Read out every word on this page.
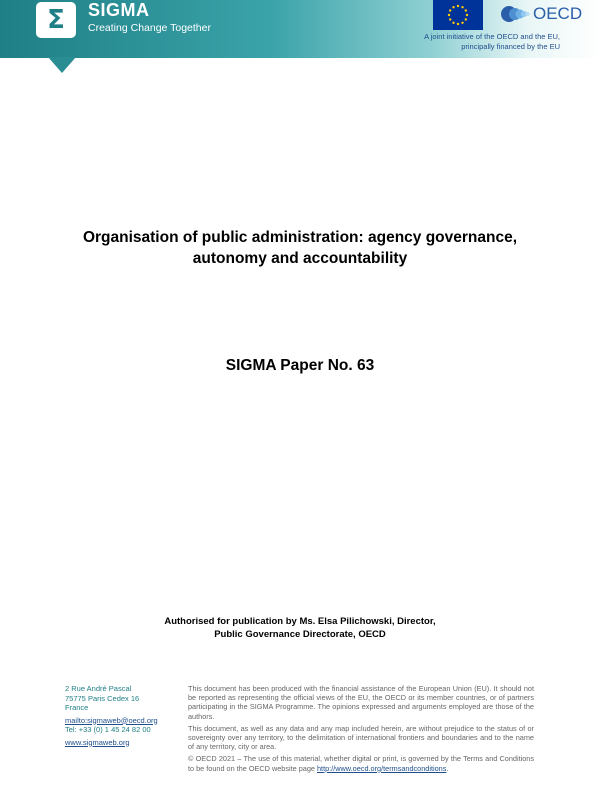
Σ SIGMA
Creating Change Together
OECD
A joint initiative of the OECD and the EU,
principally financed by the EU
Organisation of public administration: agency governance,
autonomy and accountability
SIGMA Paper No. 63
Authorised for publication by Ms. Elsa Pilichowski, Director,
Public Governance Directorate, OECD
2 Rue André Pascal
75775 Paris Cedex 16
France
mailto:sigmaweb@oecd.org
Tel: +33 (0) 1 45 24 82 00
www.sigmaweb.org

This document has been produced with the financial assistance of the European Union (EU). It should not be reported as representing the official views of the EU, the OECD or its member countries, or of partners participating in the SIGMA Programme. The opinions expressed and arguments employed are those of the authors.

This document, as well as any data and any map included herein, are without prejudice to the status of or sovereignty over any territory, to the delimitation of international frontiers and boundaries and to the name of any territory, city or area.

© OECD 2021 – The use of this material, whether digital or print, is governed by the Terms and Conditions to be found on the OECD website page http://www.oecd.org/termsandconditions.
